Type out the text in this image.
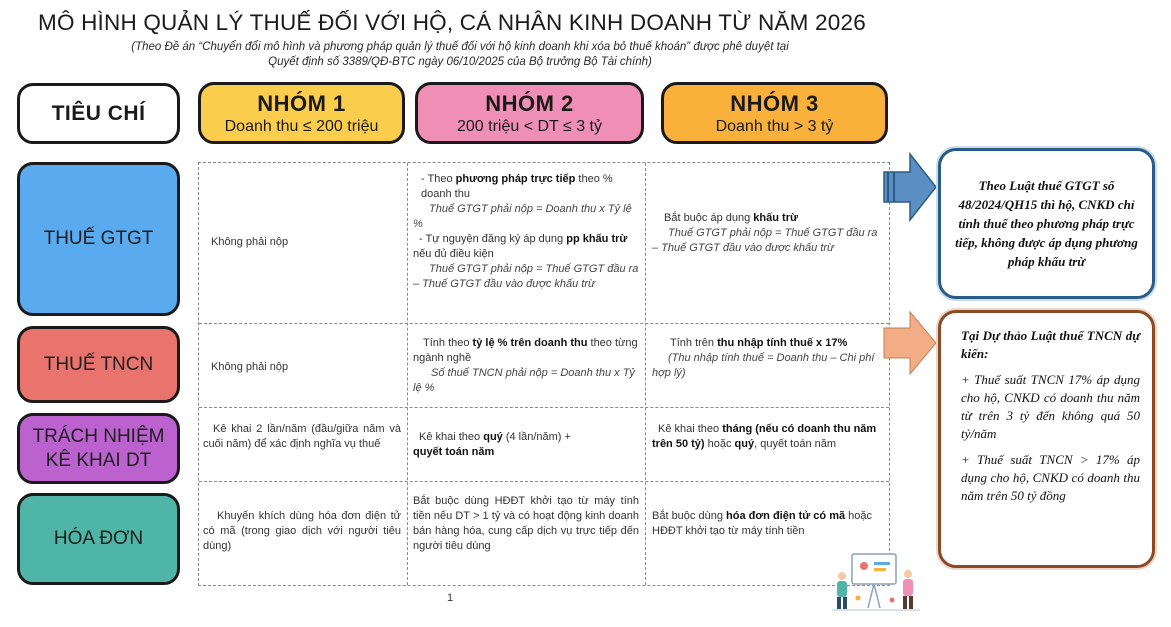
MÔ HÌNH QUẢN LÝ THUẾ ĐỐI VỚI HỘ, CÁ NHÂN KINH DOANH TỪ NĂM 2026
(Theo Đề án “Chuyển đổi mô hình và phương pháp quản lý thuế đối với hộ kinh doanh khi xóa bỏ thuế khoán” được phê duyệt tại
Quyết định số 3389/QĐ-BTC ngày 06/10/2025 của Bộ trưởng Bộ Tài chính)
TIÊU CHÍ	NHÓM 1
Doanh thu ≤ 200 triệu
NHÓM 2
200 triệu < DT ≤ 3 tỷ
NHÓM 3
Doanh thu > 3 tỷ
THUẾ GTGT
THUẾ TNCN
TRÁCH NHIỆM
KÊ KHAI DT
HÓA ĐƠN
Không phải nộp
- Theo phương pháp trực tiếp theo % doanh thu
Thuế GTGT phải nộp = Doanh thu x Tỷ lệ %
- Tự nguyện đăng ký áp dụng pp khấu trừ nếu đủ điều kiện
Thuế GTGT phải nộp = Thuế GTGT đầu ra – Thuế GTGT đầu vào được khấu trừ
Bắt buộc áp dụng khấu trừ
Thuế GTGT phải nộp = Thuế GTGT đầu ra – Thuế GTGT đầu vào được khấu trừ
Không phải nộp
Tính theo tỷ lệ % trên doanh thu theo từng ngành nghề
Số thuế TNCN phải nộp = Doanh thu x Tỷ lệ %
Tính trên thu nhập tính thuế x 17%
(Thu nhập tính thuế = Doanh thu – Chi phí hợp lý)
Kê khai 2 lần/năm (đầu/giữa năm và cuối năm) để xác định nghĩa vụ thuế
Kê khai theo quý (4 lần/năm) +
quyết toán năm
Kê khai theo tháng (nếu có doanh thu năm trên 50 tỷ) hoặc quý, quyết toán năm
Khuyến khích dùng hóa đơn điện tử có mã (trong giao dịch với người tiêu dùng)
Bắt buộc dùng HĐĐT khởi tạo từ máy tính tiền nếu DT > 1 tỷ và có hoạt động kinh doanh bán hàng hóa, cung cấp dịch vụ trực tiếp đến người tiêu dùng
Bắt buộc dùng hóa đơn điện tử có mã hoặc HĐĐT khởi tạo từ máy tính tiền
Theo Luật thuế GTGT số 48/2024/QH15 thì hộ, CNKD chỉ tính thuế theo phương pháp trực tiếp, không được áp dụng phương pháp khấu trừ

Tại Dự thảo Luật thuế TNCN dự kiến:

+ Thuế suất TNCN 17% áp dụng cho hộ, CNKD có doanh thu năm từ trên 3 tỷ đến không quá 50 tỷ/năm

+ Thuế suất TNCN > 17% áp dụng cho hộ, CNKD có doanh thu năm trên 50 tỷ đồng

1
